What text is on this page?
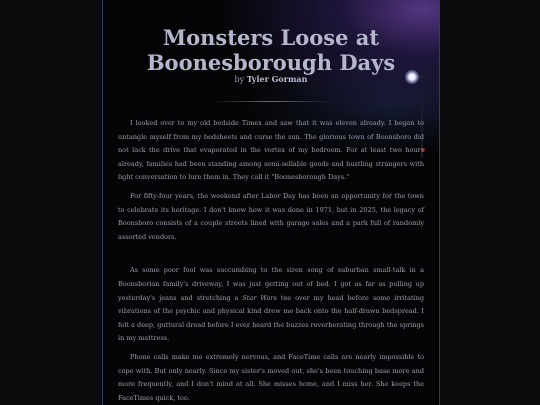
Monsters Loose at Boonesborough Days
by Tyler Gorman

I looked over to my old bedside Timex and saw that it was eleven already. I began to untangle myself from my bedsheets and curse the sun. The glorious town of Boonsboro did not lack the drive that evaporated in the vortex of my bedroom. For at least two hours already, families had been standing among semi-sellable goods and hustling strangers with light conversation to lure them in. They call it "Boonesborough Days."

For fifty-four years, the weekend after Labor Day has been an opportunity for the town to celebrate its heritage. I don't know how it was done in 1971, but in 2025, the legacy of Boonsboro consists of a couple streets lined with garage sales and a park full of randomly assorted vendors.

As some poor fool was succumbing to the siren song of suburban small-talk in a Boonsborian family's driveway, I was just getting out of bed. I got as far as pulling up yesterday's jeans and stretching a Star Wars tee over my head before some irritating vibrations of the psychic and physical kind drew me back onto the half-drawn bedspread. I felt a deep, guttural dread before I ever heard the buzzes reverberating through the springs in my mattress.

Phone calls make me extremely nervous, and FaceTime calls are nearly impossible to cope with. But only nearly. Since my sister's moved out, she's been touching base more and more frequently, and I don't mind at all. She misses home, and I miss her. She keeps the FaceTimes quick, too.
